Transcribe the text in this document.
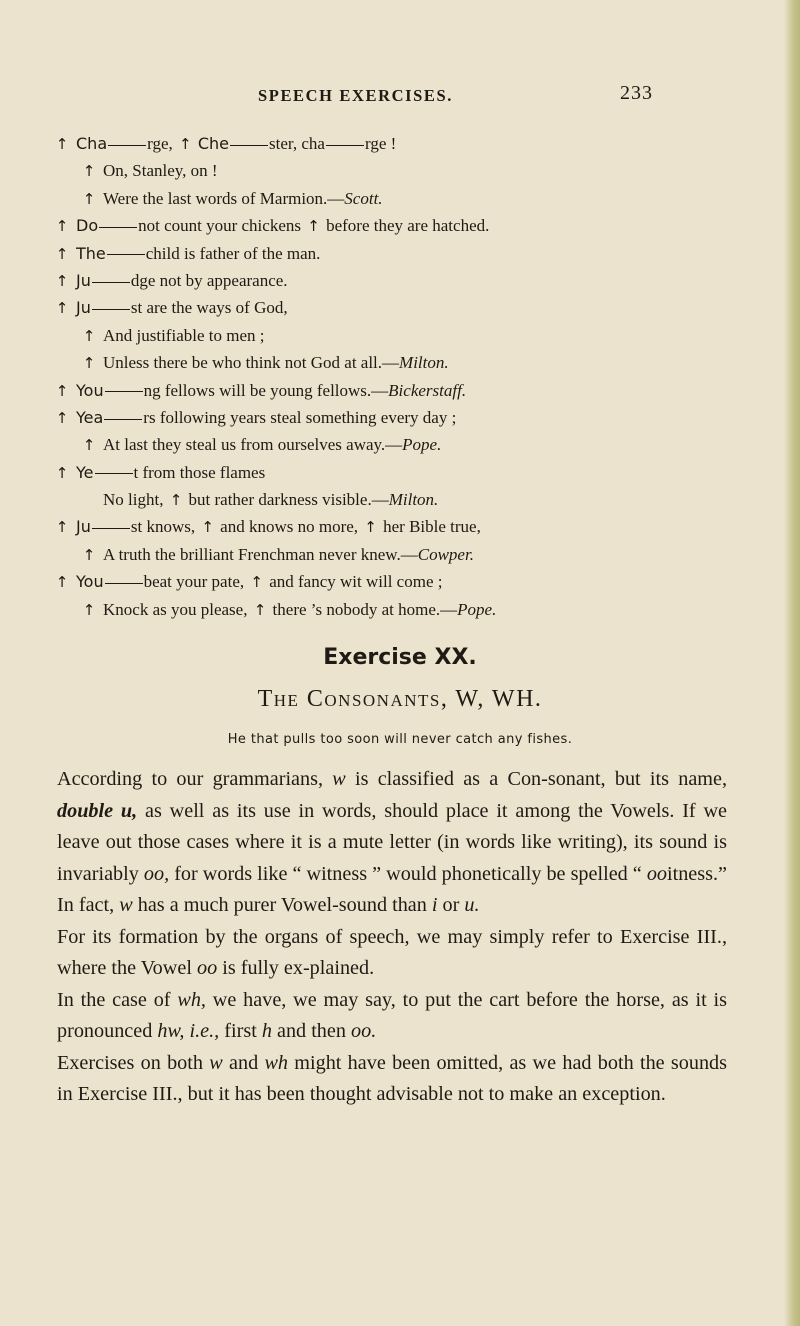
SPEECH EXERCISES.	233
↑ Cha rge, ↑ Che ster, cha rge !
↑ On, Stanley, on !
↑ Were the last words of Marmion.—Scott.
↑ Do not count your chickens ↑ before they are hatched.
↑ The child is father of the man.
↑ Ju dge not by appearance.
↑ Ju st are the ways of God,
↑ And justifiable to men ;
↑ Unless there be who think not God at all.—Milton.
↑ You ng fellows will be young fellows.—Bickerstaff.
↑ Yea rs following years steal something every day ;
↑ At last they steal us from ourselves away.—Pope.
↑ Ye t from those flames
No light, ↑ but rather darkness visible.—Milton.
↑ Ju st knows, ↑ and knows no more, ↑ her Bible true,
↑ A truth the brilliant Frenchman never knew.—Cowper.
↑ You beat your pate, ↑ and fancy wit will come ;
↑ Knock as you please, ↑ there ’s nobody at home.—Pope.
Exercise XX.
The Consonants, W, WH.
He that pulls too soon will never catch any fishes.

According to our grammarians, w is classified as a Con-sonant, but its name, double u, as well as its use in words, should place it among the Vowels. If we leave out those cases where it is a mute letter (in words like writing), its sound is invariably oo, for words like “ witness ” would phonetically be spelled “ ooitness.” In fact, w has a much purer Vowel-sound than i or u.

For its formation by the organs of speech, we may simply refer to Exercise III., where the Vowel oo is fully ex-plained.

In the case of wh, we have, we may say, to put the cart before the horse, as it is pronounced hw, i.e., first h and then oo.

Exercises on both w and wh might have been omitted, as we had both the sounds in Exercise III., but it has been thought advisable not to make an exception.
